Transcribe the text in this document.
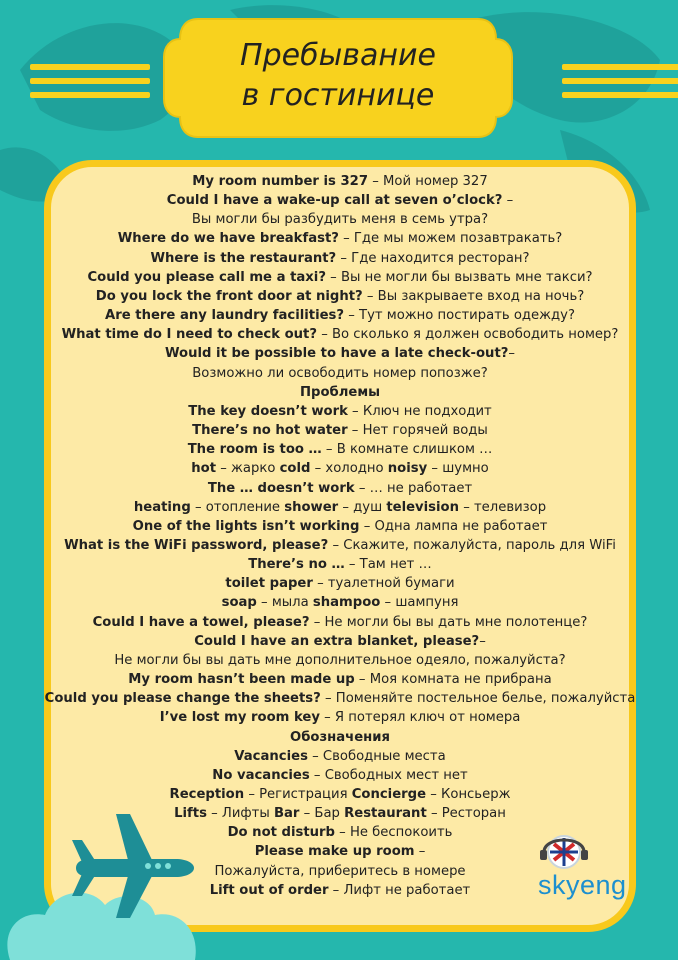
Пребывание
в гостинице
My room number is 327 – Мой номер 327
Could I have a wake-up call at seven o’clock? –
Вы могли бы разбудить меня в семь утра?
Where do we have breakfast? – Где мы можем позавтракать?
Where is the restaurant? – Где находится ресторан?
Could you please call me a taxi? – Вы не могли бы вызвать мне такси?
Do you lock the front door at night? – Вы закрываете вход на ночь?
Are there any laundry facilities? – Тут можно постирать одежду?
What time do I need to check out? – Во сколько я должен освободить номер?
Would it be possible to have a late check-out?–
Возможно ли освободить номер попозже?
Проблемы
The key doesn’t work – Ключ не подходит
There’s no hot water – Нет горячей воды
The room is too … – В комнате слишком …
hot – жарко cold – холодно noisy – шумно
The … doesn’t work – … не работает
heating – отопление shower – душ television – телевизор
One of the lights isn’t working – Одна лампа не работает
What is the WiFi password, please? – Скажите, пожалуйста, пароль для WiFi
There’s no … – Там нет …
toilet paper – туалетной бумаги
soap – мыла shampoo – шампуня
Could I have a towel, please? – Не могли бы вы дать мне полотенце?
Could I have an extra blanket, please?–
Не могли бы вы дать мне дополнительное одеяло, пожалуйста?
My room hasn’t been made up – Моя комната не прибрана
Could you please change the sheets? – Поменяйте постельное белье, пожалуйста
I’ve lost my room key – Я потерял ключ от номера
Обозначения
Vacancies – Свободные места
No vacancies – Свободных мест нет
Reception – Регистрация Concierge – Консьерж
Lifts – Лифты Bar – Бар Restaurant – Ресторан
Do not disturb – Не беспокоить
Please make up room –
Пожалуйста, приберитесь в номере
Lift out of order – Лифт не работает	skyeng
